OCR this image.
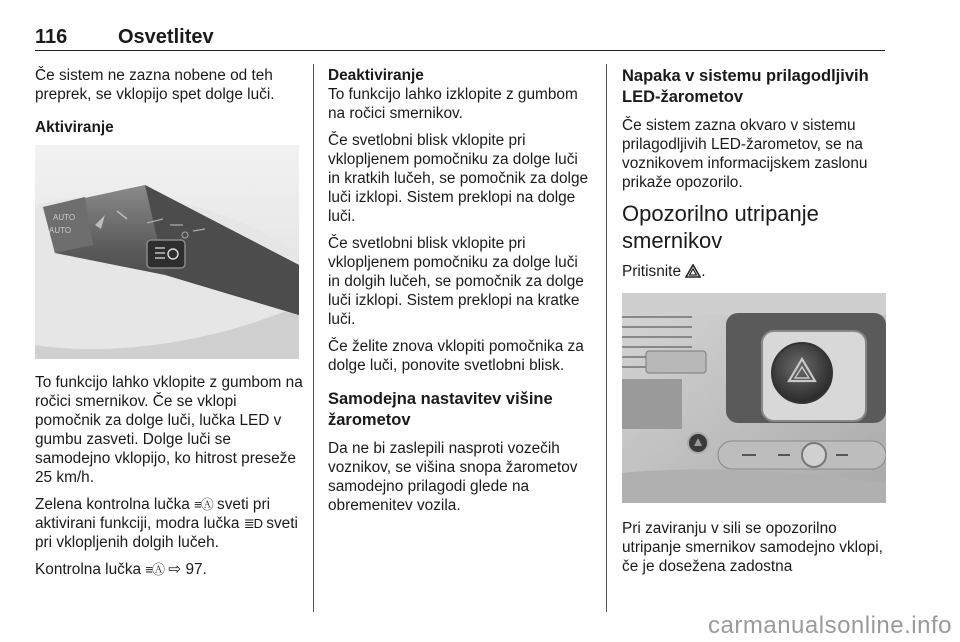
116	Osvetlitev

Če sistem ne zazna nobene od teh preprek, se vklopijo spet dolge luči.

Aktiviranje

AUTO
AUTO

To funkcijo lahko vklopite z gumbom na ročici smernikov. Če se vklopi pomočnik za dolge luči, lučka LED v gumbu zasveti. Dolge luči se samodejno vklopijo, ko hitrost preseže 25 km/h.

Zelena kontrolna lučka ≡Ⓐ sveti pri aktivirani funkciji, modra lučka ≣D sveti pri vklopljenih dolgih lučeh.

Kontrolna lučka ≡Ⓐ ⇨ 97.

Deaktiviranje

To funkcijo lahko izklopite z gumbom na ročici smernikov.

Če svetlobni blisk vklopite pri vklopljenem pomočniku za dolge luči in kratkih lučeh, se pomočnik za dolge luči izklopi. Sistem preklopi na dolge luči.

Če svetlobni blisk vklopite pri vklopljenem pomočniku za dolge luči in dolgih lučeh, se pomočnik za dolge luči izklopi. Sistem preklopi na kratke luči.

Če želite znova vklopiti pomočnika za dolge luči, ponovite svetlobni blisk.

Samodejna nastavitev višine žarometov

Da ne bi zaslepili nasproti vozečih voznikov, se višina snopa žarometov samodejno prilagodi glede na obremenitev vozila.

Napaka v sistemu prilagodljivih LED-žarometov

Če sistem zazna okvaro v sistemu prilagodljivih LED-žarometov, se na voznikovem informacijskem zaslonu prikaže opozorilo.

Opozorilno utripanje smernikov

Pritisnite .

Pri zaviranju v sili se opozorilno utripanje smernikov samodejno vklopi, če je dosežena zadostna

carmanualsonline.info
